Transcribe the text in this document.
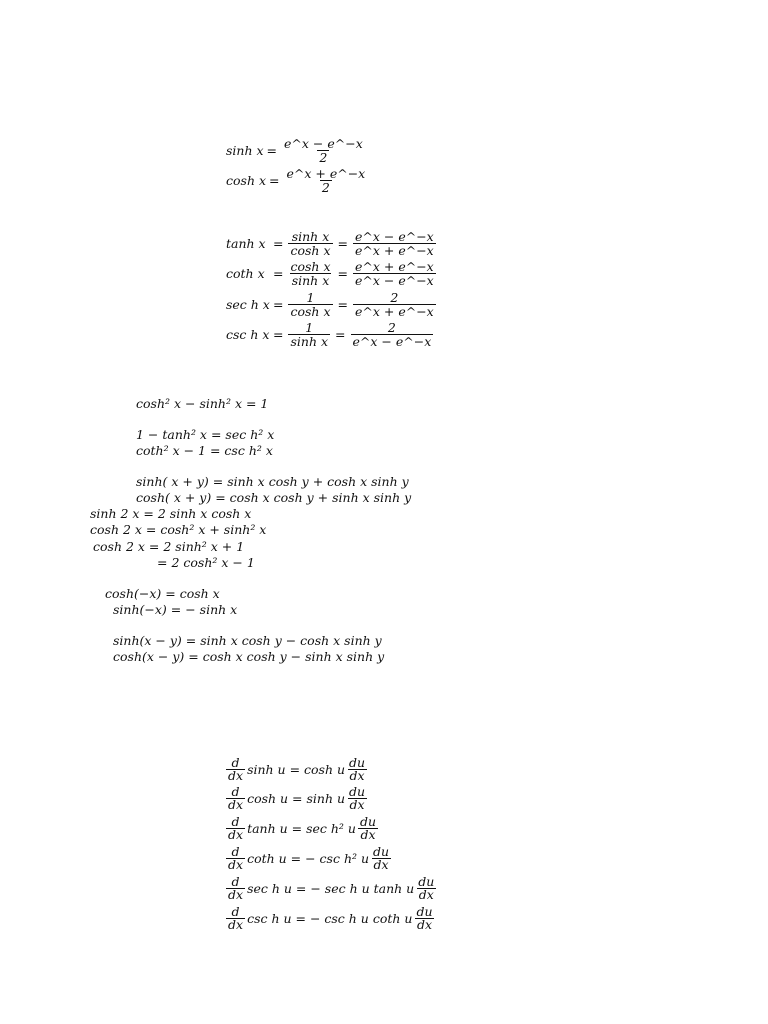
$\sinh x = \frac{e\^{}x - e\^{}-x}{2}$
$\cosh x = \frac{e\^{}x + e\^{}-x}{2}$
$\tanh x = \frac{\text{sinh x}}{\text{cosh x}} = \frac{e\^{}x - e\^{}-x}{e\^{}x + e\^{}-x}$
coth $x = \frac{\text{cosh x}}{\text{sinh x}} = \frac{e\^{}x + e\^{}-x}{e\^{}x - e\^{}-x}$
sec h $x = \frac{1}{\text{cosh x}} = \frac{2}{e\^{}x + e\^{}-x}$
csc h $x = \frac{1}{\text{sinh x}} = \frac{2}{e\^{}x - e\^{}-x}$
cosh² x − sinh² x = 1
1 − tanh² x = sec h² x
coth² x − 1 = csc h² x
sinh( x + y) = sinh x cosh y + cosh x sinh y
cosh( x + y) = cosh x cosh y + sinh x sinh y
sinh 2 x = 2 sinh x cosh x
cosh 2 x = cosh² x + sinh² x
cosh 2 x = 2 sinh² x + 1
= 2 cosh² x − 1
cosh(−x) = cosh x
sinh(−x) = − sinh x
sinh(x − y) = sinh x cosh y − cosh x sinh y
cosh(x − y) = cosh x cosh y − sinh x sinh y
$\frac{d}{dx}$ sinh u = cosh u $\frac{du}{dx}$
$\frac{d}{dx}$ cosh u = sinh u $\frac{du}{dx}$
$\frac{d}{dx}$ tanh u = sec h² u $\frac{du}{dx}$
$\frac{d}{dx}$ coth u = − csc h² u $\frac{du}{dx}$
$\frac{d}{dx}$ sec h u = − sec h u tanh u $\frac{du}{dx}$
$\frac{d}{dx}$ csc h u = − csc h u coth u $\frac{du}{dx}$
